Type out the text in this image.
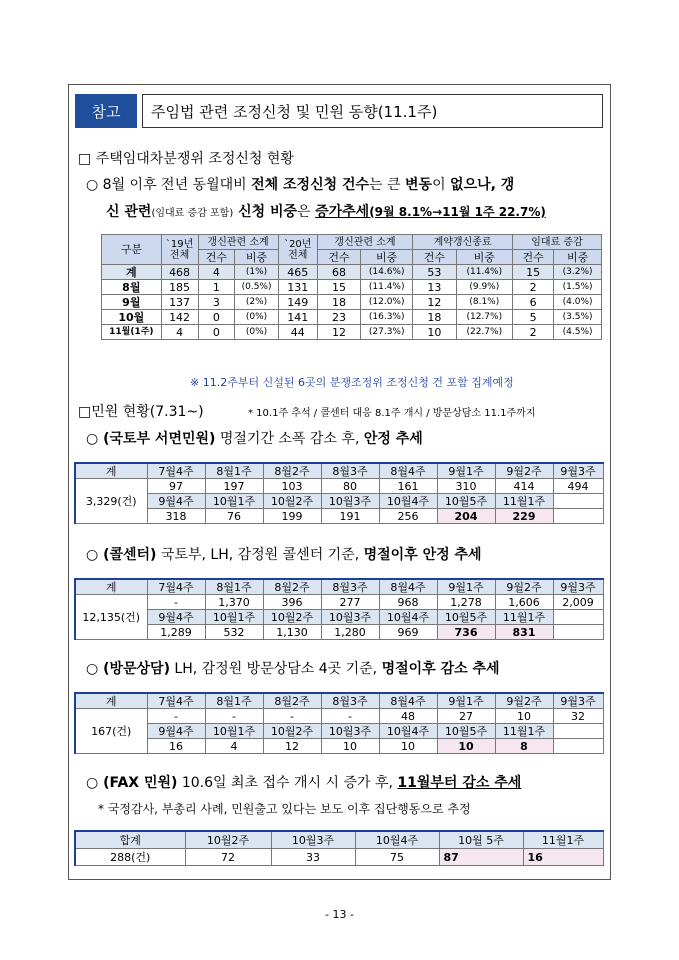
참고	주임법 관련 조정신청 및 민원 동향(11.1주)
□ 주택임대차분쟁위 조정신청 현황
○ 8월 이후 전년 동월대비 전체 조정신청 건수는 큰 변동이 없으나, 갱
신 관련(임대료 증감 포함) 신청 비중은 증가추세(9월 8.1%→11월 1주 22.7%)
구분	`19년 전체	갱신관련 소계		`20년 전체	갱신관련 소계		계약갱신종료		임대료 증감	
		건수	비중		건수	비중	건수	비중	건수	비중
계	468	4	(1%)	465	68	(14.6%)	53	(11.4%)	15	(3.2%)
8월	185	1	(0.5%)	131	15	(11.4%)	13	(9.9%)	2	(1.5%)
9월	137	3	(2%)	149	18	(12.0%)	12	(8.1%)	6	(4.0%)
10월	142	0	(0%)	141	23	(16.3%)	18	(12.7%)	5	(3.5%)
11월(1주)	4	0	(0%)	44	12	(27.3%)	10	(22.7%)	2	(4.5%)
※ 11.2주부터 신설된 6곳의 분쟁조정위 조정신청 건 포함 집계예정
□민원 현황(7.31~)	* 10.1주 추석 / 콜센터 대응 8.1주 개시 / 방문상담소 11.1주까지
○ (국토부 서면민원) 명절기간 소폭 감소 후, 안정 추세
계	7월4주	8월1주	8월2주	8월3주	8월4주	9월1주	9월2주	9월3주
3,329(건)	97	197	103	80	161	310	414	494
	9월4주	10월1주	10월2주	10월3주	10월4주	10월5주	11월1주	
	318	76	199	191	256	204	229	
○ (콜센터) 국토부, LH, 감정원 콜센터 기준, 명절이후 안정 추세
계	7월4주	8월1주	8월2주	8월3주	8월4주	9월1주	9월2주	9월3주
12,135(건)	-	1,370	396	277	968	1,278	1,606	2,009
	9월4주	10월1주	10월2주	10월3주	10월4주	10월5주	11월1주	
	1,289	532	1,130	1,280	969	736	831	
○ (방문상담) LH, 감정원 방문상담소 4곳 기준, 명절이후 감소 추세
계	7월4주	8월1주	8월2주	8월3주	8월4주	9월1주	9월2주	9월3주
167(건)	-	-	-	-	48	27	10	32
	9월4주	10월1주	10월2주	10월3주	10월4주	10월5주	11월1주	
	16	4	12	10	10	10	8	
○ (FAX 민원) 10.6일 최초 접수 개시 시 증가 후, 11월부터 감소 추세
* 국정감사, 부총리 사례, 민원출고 있다는 보도 이후 집단행동으로 추정
합계	10월2주	10월3주	10월4주	10월 5주	11월1주
288(건)	72	33	75	87	16
- 13 -
